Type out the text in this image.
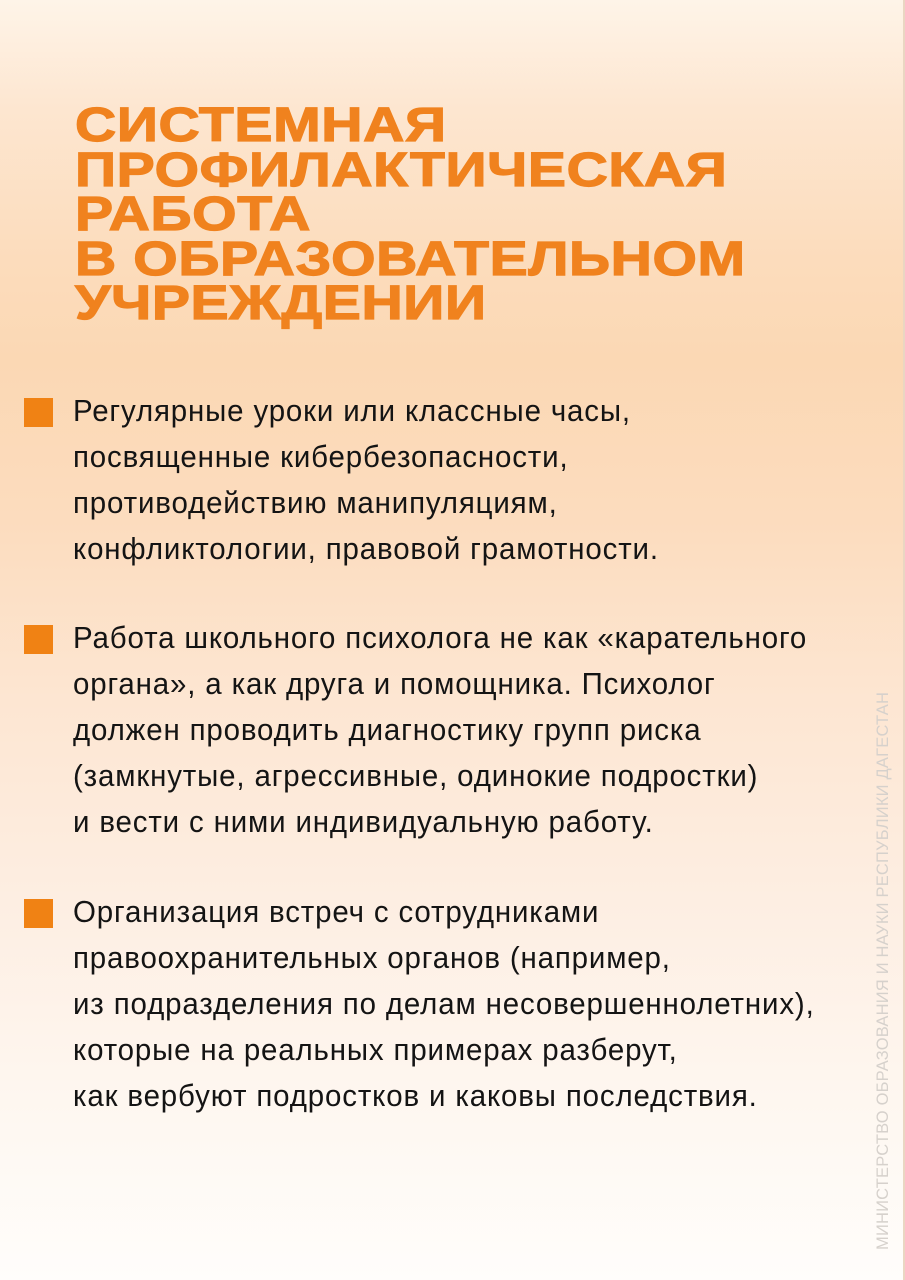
СИСТЕМНАЯ
ПРОФИЛАКТИЧЕСКАЯ
РАБОТА
В ОБРАЗОВАТЕЛЬНОМ
УЧРЕЖДЕНИИ
Регулярные уроки или классные часы,
посвященные кибербезопасности,
противодействию манипуляциям,
конфликтологии, правовой грамотности.
Работа школьного психолога не как «карательного
органа», а как друга и помощника. Психолог
должен проводить диагностику групп риска
(замкнутые, агрессивные, одинокие подростки)
и вести с ними индивидуальную работу.
Организация встреч с сотрудниками
правоохранительных органов (например,
из подразделения по делам несовершеннолетних),
которые на реальных примерах разберут,
как вербуют подростков и каковы последствия.	МИНИСТЕРСТВО ОБРАЗОВАНИЯ И НАУКИ РЕСПУБЛИКИ ДАГЕСТАН
